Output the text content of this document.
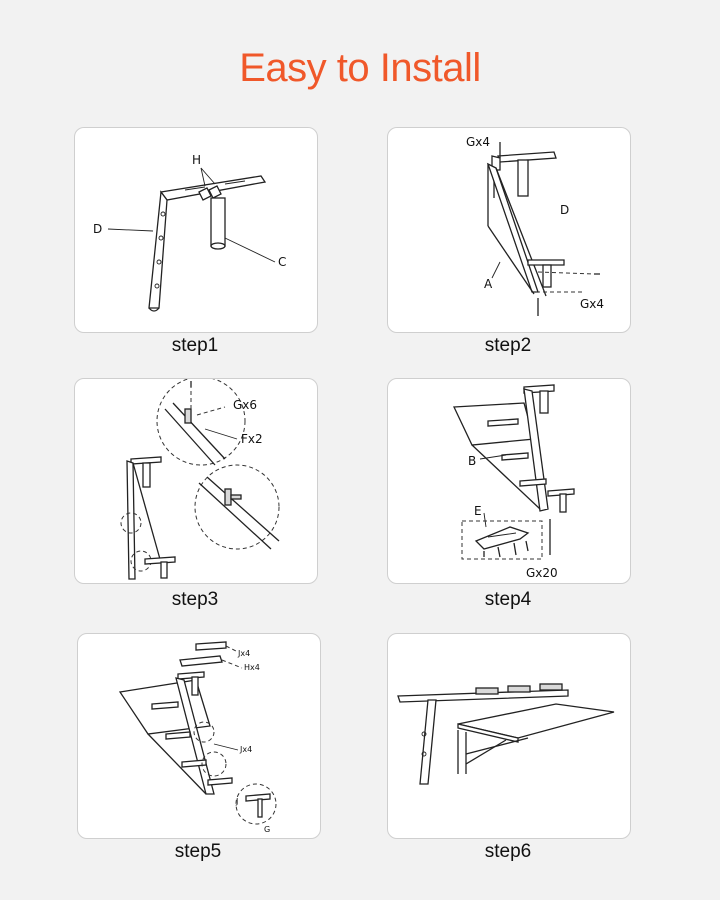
Easy to Install
H
D
C
step1
Gx4
D
A
Gx4
step2
Gx6
Fx2
step3
B
E
Gx20
step4
Jx4
Hx4
Jx4
J
G
step5	step6
